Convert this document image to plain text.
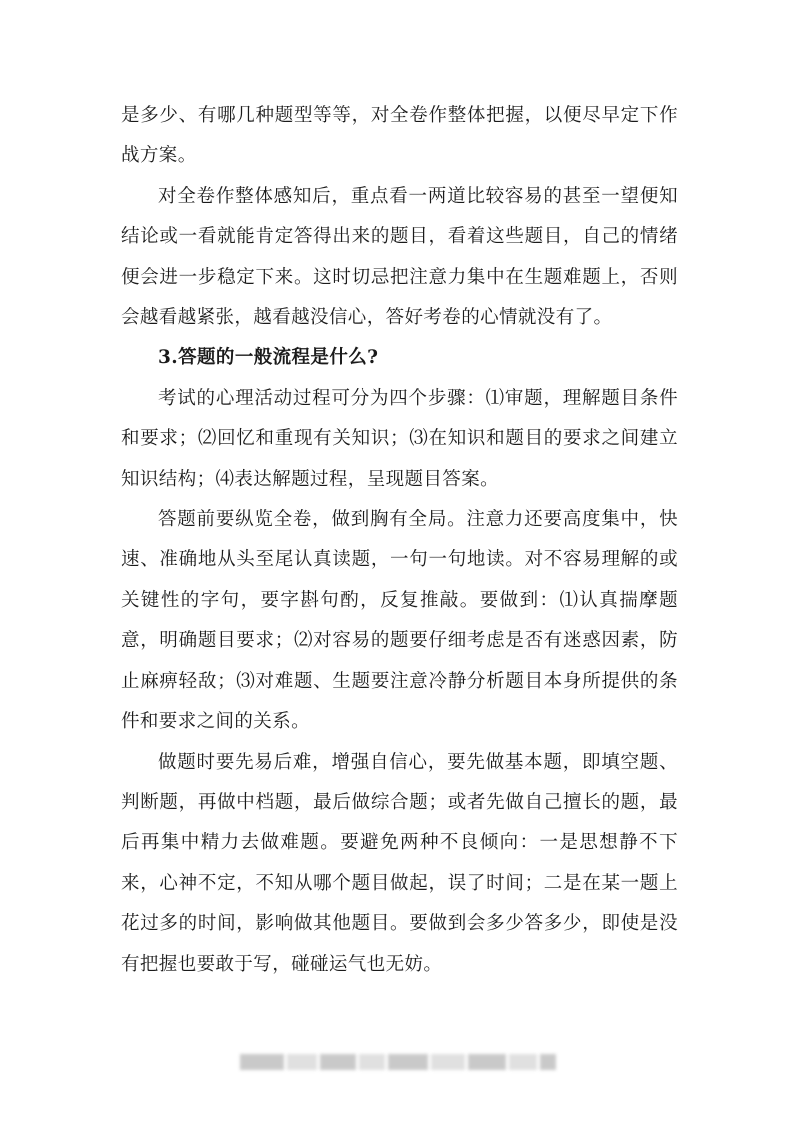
是多少、有哪几种题型等等，对全卷作整体把握，以便尽早定下作战方案。

对全卷作整体感知后，重点看一两道比较容易的甚至一望便知结论或一看就能肯定答得出来的题目，看着这些题目，自己的情绪便会进一步稳定下来。这时切忌把注意力集中在生题难题上，否则会越看越紧张，越看越没信心，答好考卷的心情就没有了。

3.答题的一般流程是什么?

考试的心理活动过程可分为四个步骤：⑴审题，理解题目条件和要求；⑵回忆和重现有关知识；⑶在知识和题目的要求之间建立知识结构；⑷表达解题过程，呈现题目答案。

答题前要纵览全卷，做到胸有全局。注意力还要高度集中，快速、准确地从头至尾认真读题，一句一句地读。对不容易理解的或关键性的字句，要字斟句酌，反复推敲。要做到：⑴认真揣摩题意，明确题目要求；⑵对容易的题要仔细考虑是否有迷惑因素，防止麻痹轻敌；⑶对难题、生题要注意冷静分析题目本身所提供的条件和要求之间的关系。

做题时要先易后难，增强自信心，要先做基本题，即填空题、判断题，再做中档题，最后做综合题；或者先做自己擅长的题，最后再集中精力去做难题。要避免两种不良倾向：一是思想静不下来，心神不定，不知从哪个题目做起，误了时间；二是在某一题上花过多的时间，影响做其他题目。要做到会多少答多少，即使是没有把握也要敢于写，碰碰运气也无妨。
